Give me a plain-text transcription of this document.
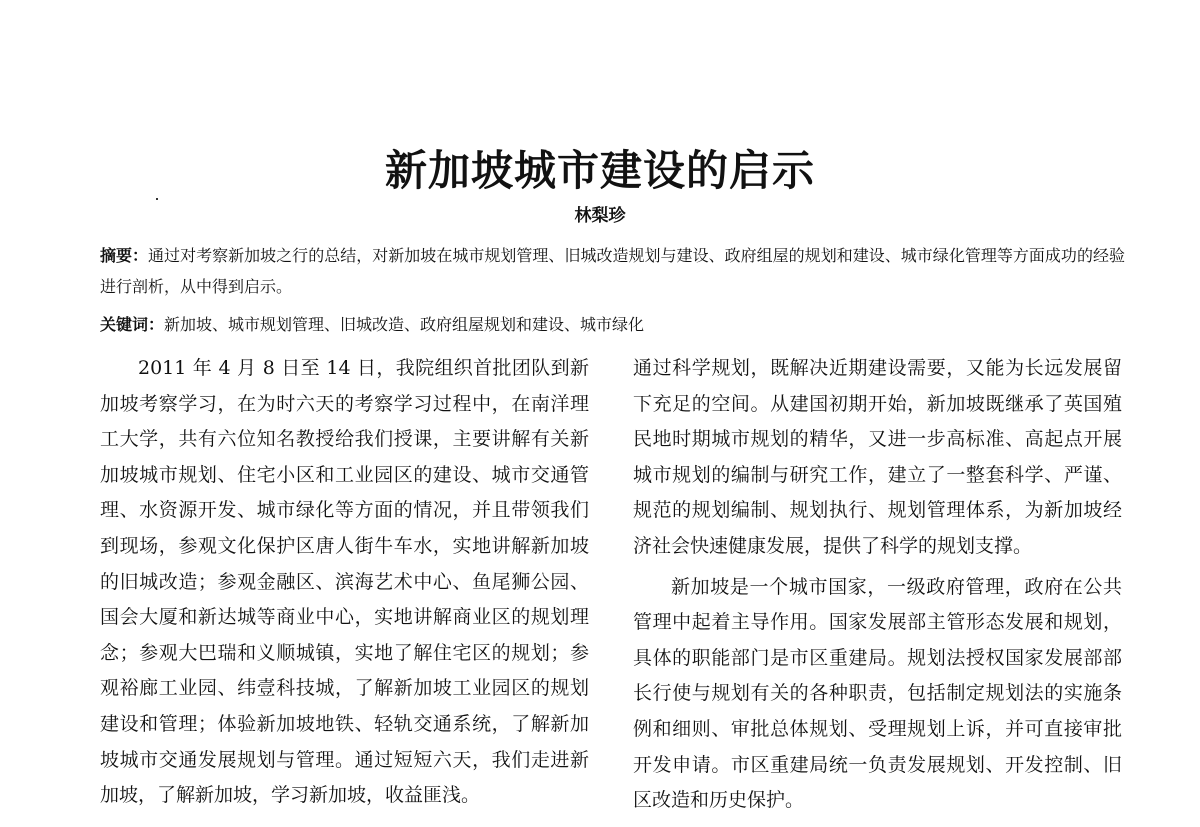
新加坡城市建设的启示
林梨珍
摘要：通过对考察新加坡之行的总结，对新加坡在城市规划管理、旧城改造规划与建设、政府组屋的规划和建设、城市绿化管理等方面成功的经验进行剖析，从中得到启示。
关键词：新加坡、城市规划管理、旧城改造、政府组屋规划和建设、城市绿化

2011 年 4 月 8 日至 14 日，我院组织首批团队到新加坡考察学习，在为时六天的考察学习过程中，在南洋理工大学，共有六位知名教授给我们授课，主要讲解有关新加坡城市规划、住宅小区和工业园区的建设、城市交通管理、水资源开发、城市绿化等方面的情况，并且带领我们到现场，参观文化保护区唐人街牛车水，实地讲解新加坡的旧城改造；参观金融区、滨海艺术中心、鱼尾狮公园、国会大厦和新达城等商业中心，实地讲解商业区的规划理念；参观大巴瑞和义顺城镇，实地了解住宅区的规划；参观裕廊工业园、纬壹科技城，了解新加坡工业园区的规划建设和管理；体验新加坡地铁、轻轨交通系统，了解新加坡城市交通发展规划与管理。通过短短六天，我们走进新加坡，了解新加坡，学习新加坡，收益匪浅。

通过科学规划，既解决近期建设需要，又能为长远发展留下充足的空间。从建国初期开始，新加坡既继承了英国殖民地时期城市规划的精华，又进一步高标准、高起点开展城市规划的编制与研究工作，建立了一整套科学、严谨、规范的规划编制、规划执行、规划管理体系，为新加坡经济社会快速健康发展，提供了科学的规划支撑。

新加坡是一个城市国家，一级政府管理，政府在公共管理中起着主导作用。国家发展部主管形态发展和规划，具体的职能部门是市区重建局。规划法授权国家发展部部长行使与规划有关的各种职责，包括制定规划法的实施条例和细则、审批总体规划、受理规划上诉，并可直接审批开发申请。市区重建局统一负责发展规划、开发控制、旧区改造和历史保护。
